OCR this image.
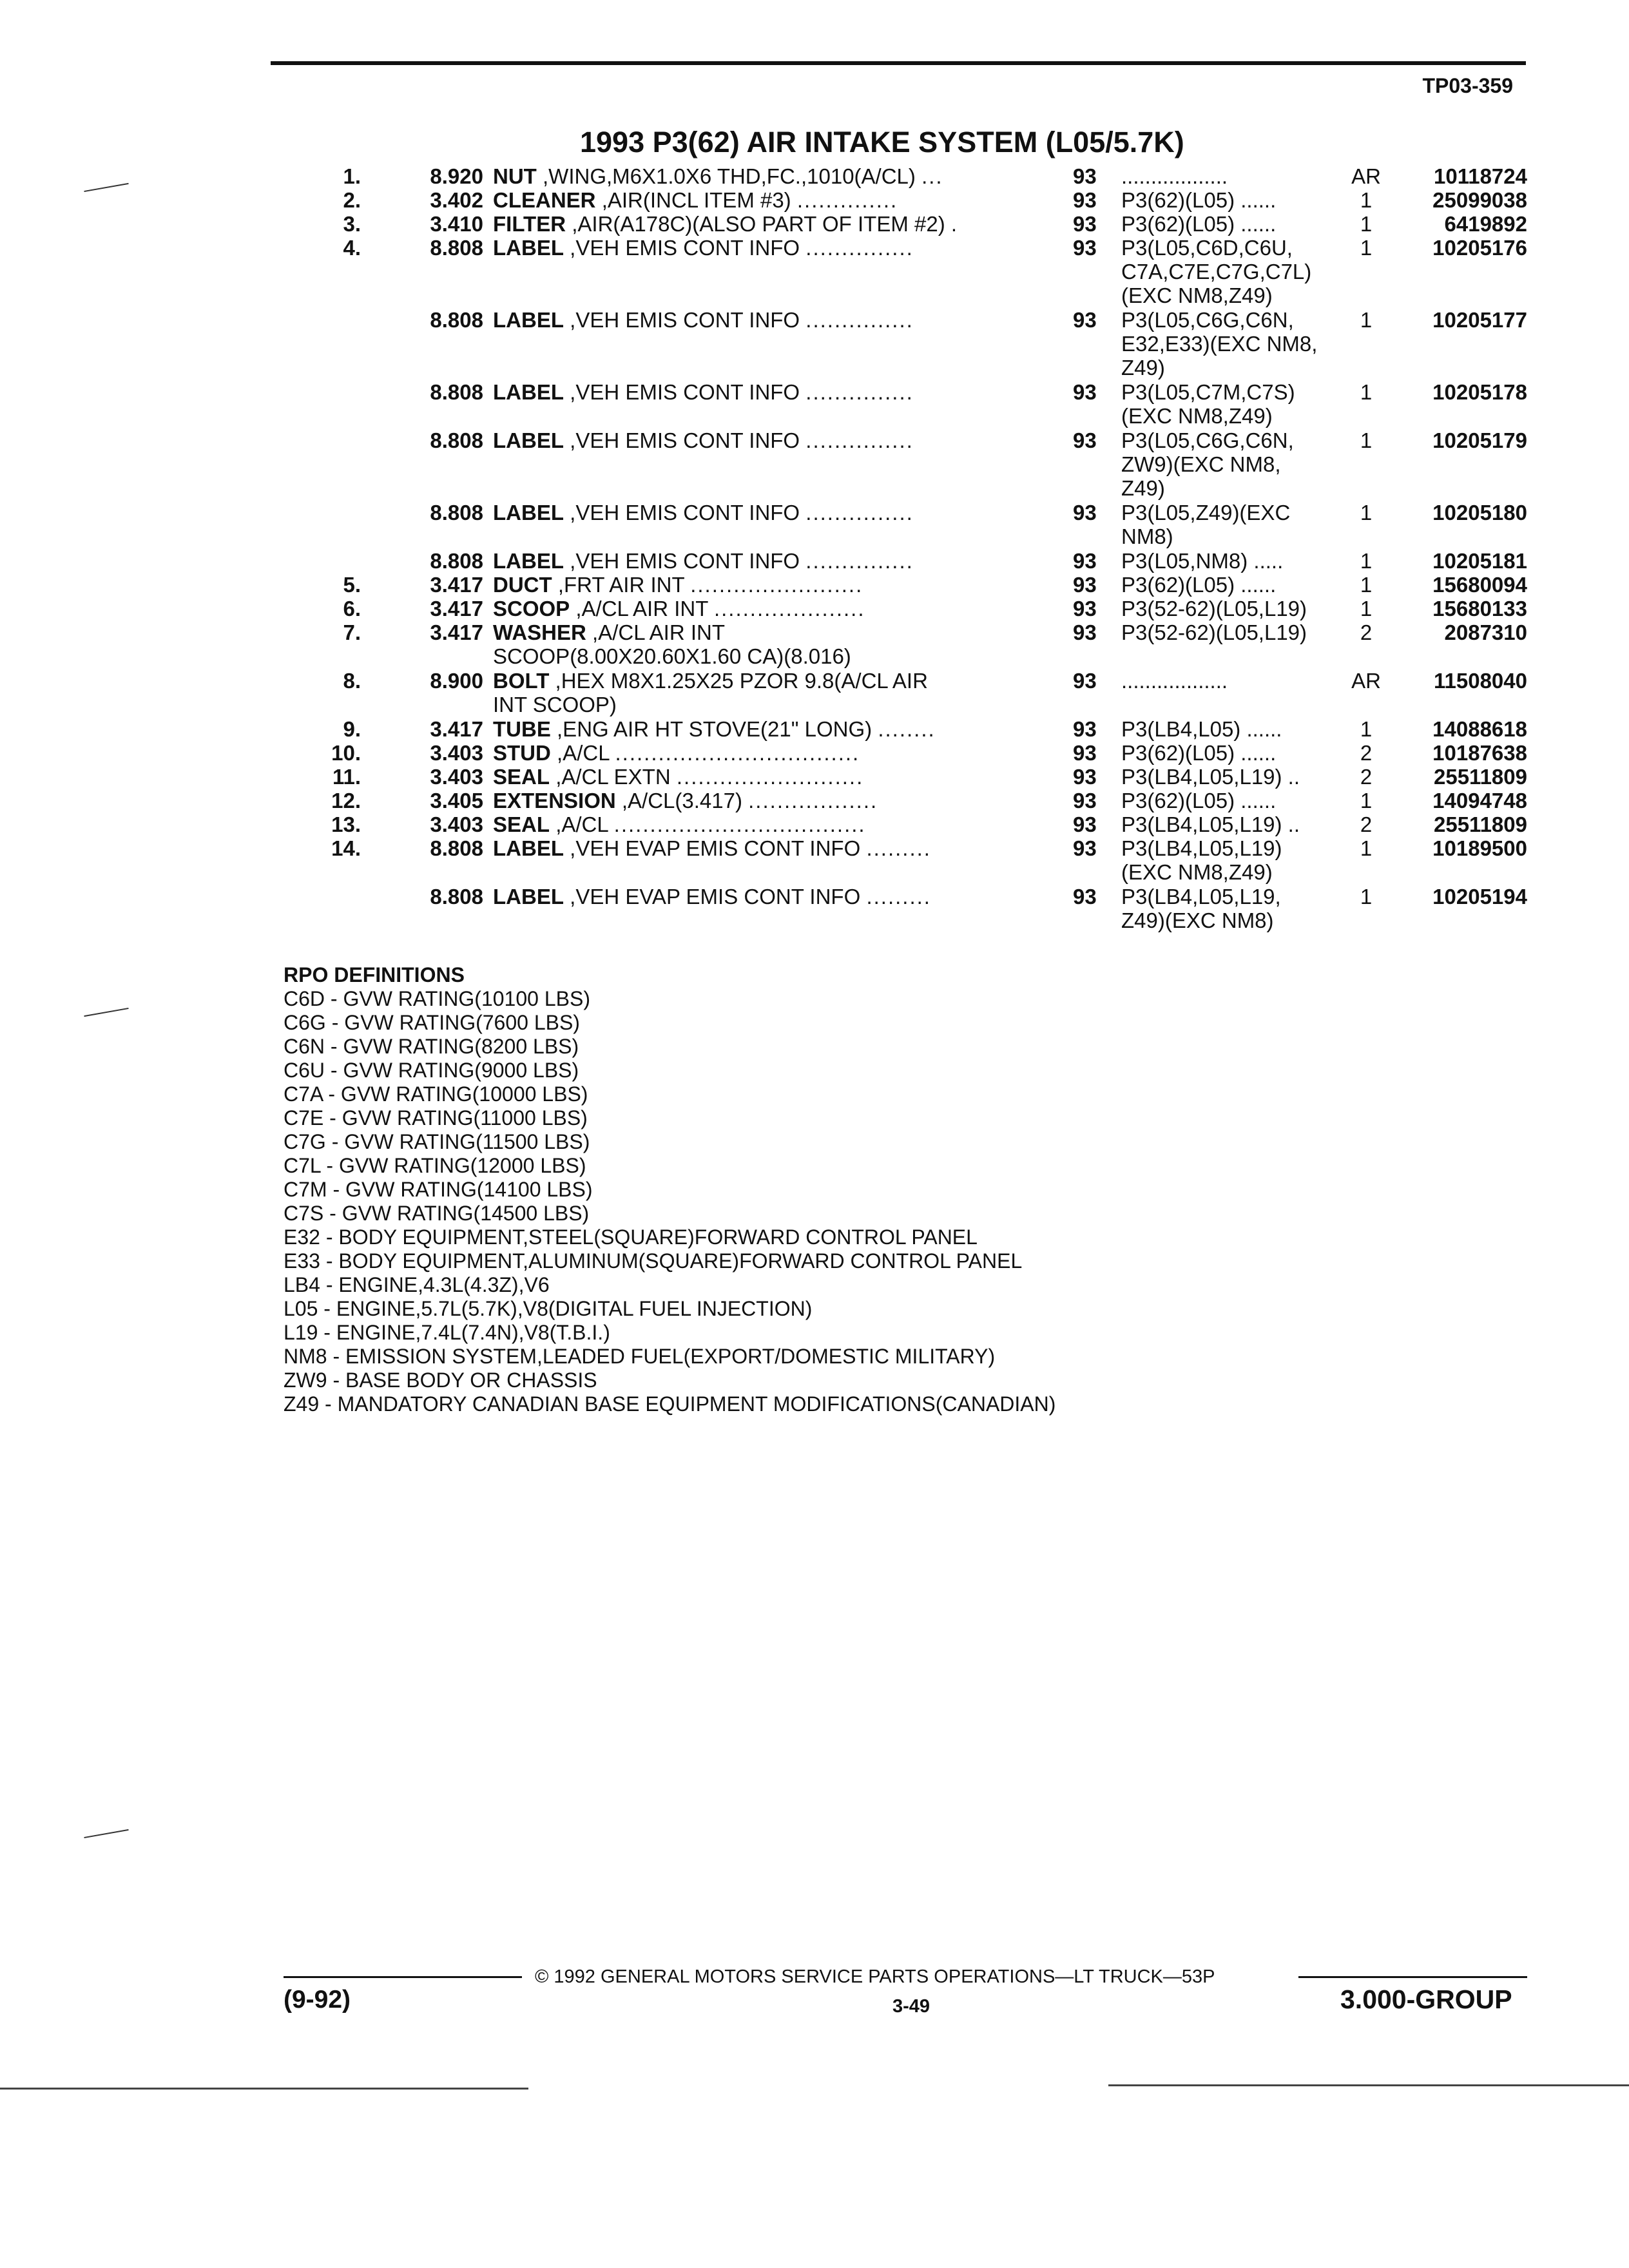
TP03-359
1993 P3(62) AIR INTAKE SYSTEM (L05/5.7K)
1.	8.920 NUT ,WING,M6X1.0X6 THD,FC.,1010(A/CL) ...	93 ..................	AR	10118724
2.	3.402 CLEANER ,AIR(INCL ITEM #3) ..............	93 P3(62)(L05) ......	1	25099038
3.	3.410 FILTER ,AIR(A178C)(ALSO PART OF ITEM #2) .	93 P3(62)(L05) ......	1	6419892
4.	8.808 LABEL ,VEH EMIS CONT INFO ...............	93 P3(L05,C6D,C6U,
C7A,C7E,C7G,C7L)
(EXC NM8,Z49)
1	10205176
8.808 LABEL ,VEH EMIS CONT INFO ...............	93 P3(L05,C6G,C6N,
E32,E33)(EXC NM8,
Z49)
1	10205177
8.808 LABEL ,VEH EMIS CONT INFO ...............	93 P3(L05,C7M,C7S)
(EXC NM8,Z49)
1	10205178
8.808 LABEL ,VEH EMIS CONT INFO ...............	93 P3(L05,C6G,C6N,
ZW9)(EXC NM8,
Z49)
1	10205179
8.808 LABEL ,VEH EMIS CONT INFO ...............	93 P3(L05,Z49)(EXC
NM8)
1	10205180
8.808 LABEL ,VEH EMIS CONT INFO ...............	93 P3(L05,NM8) .....	1	10205181
5.	3.417 DUCT ,FRT AIR INT ........................	93 P3(62)(L05) ......	1	15680094
6.	3.417 SCOOP ,A/CL AIR INT .....................	93 P3(52-62)(L05,L19)	1	15680133
7.	3.417 WASHER ,A/CL AIR INT
SCOOP(8.00X20.60X1.60 CA)(8.016)
93 P3(52-62)(L05,L19)	2	2087310
8.	8.900 BOLT ,HEX M8X1.25X25 PZOR 9.8(A/CL AIR
INT SCOOP)
93 ..................	AR	11508040
9.	3.417 TUBE ,ENG AIR HT STOVE(21" LONG) ........	93 P3(LB4,L05) ......	1	14088618
10.	3.403 STUD ,A/CL ..................................	93 P3(62)(L05) ......	2	10187638
11.	3.403 SEAL ,A/CL EXTN ..........................	93 P3(LB4,L05,L19) ..	2	25511809
12.	3.405 EXTENSION ,A/CL(3.417) ..................	93 P3(62)(L05) ......	1	14094748
13.	3.403 SEAL ,A/CL ...................................	93 P3(LB4,L05,L19) ..	2	25511809
14.	8.808 LABEL ,VEH EVAP EMIS CONT INFO .........	93 P3(LB4,L05,L19)
(EXC NM8,Z49)
1	10189500
8.808 LABEL ,VEH EVAP EMIS CONT INFO .........	93 P3(LB4,L05,L19,
Z49)(EXC NM8)
1	10205194
RPO DEFINITIONS
C6D - GVW RATING(10100 LBS)
C6G - GVW RATING(7600 LBS)
C6N - GVW RATING(8200 LBS)
C6U - GVW RATING(9000 LBS)
C7A - GVW RATING(10000 LBS)
C7E - GVW RATING(11000 LBS)
C7G - GVW RATING(11500 LBS)
C7L - GVW RATING(12000 LBS)
C7M - GVW RATING(14100 LBS)
C7S - GVW RATING(14500 LBS)
E32 - BODY EQUIPMENT,STEEL(SQUARE)FORWARD CONTROL PANEL
E33 - BODY EQUIPMENT,ALUMINUM(SQUARE)FORWARD CONTROL PANEL
LB4 - ENGINE,4.3L(4.3Z),V6
L05 - ENGINE,5.7L(5.7K),V8(DIGITAL FUEL INJECTION)
L19 - ENGINE,7.4L(7.4N),V8(T.B.I.)
NM8 - EMISSION SYSTEM,LEADED FUEL(EXPORT/DOMESTIC MILITARY)
ZW9 - BASE BODY OR CHASSIS
Z49 - MANDATORY CANADIAN BASE EQUIPMENT MODIFICATIONS(CANADIAN)
© 1992 GENERAL MOTORS SERVICE PARTS OPERATIONS—LT TRUCK—53P
(9-92)	3-49	3.000-GROUP
